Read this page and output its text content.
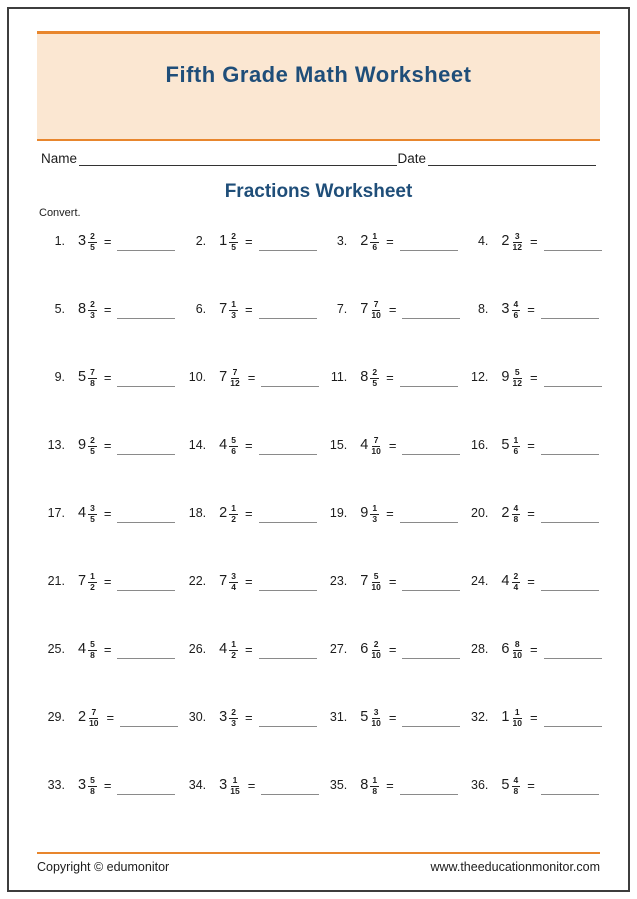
Fifth Grade Math Worksheet
Name	Date
Fractions Worksheet
Convert.
1. $3 \frac{2}{5}$ =	2. $1 \frac{2}{5}$ =	3. $2 \frac{1}{6}$ =	4. $2 \frac{3}{12}$ =
5. $8 \frac{2}{3}$ =	6. $7 \frac{1}{3}$ =	7. $7 \frac{7}{10}$ =	8. $3 \frac{4}{6}$ =
9. $5 \frac{7}{8}$ =	10. $7 \frac{7}{12}$ =	11. $8 \frac{2}{5}$ =	12. $9 \frac{5}{12}$ =
13. $9 \frac{2}{5}$ =	14. $4 \frac{5}{6}$ =	15. $4 \frac{7}{10}$ =	16. $5 \frac{1}{6}$ =
17. $4 \frac{3}{5}$ =	18. $2 \frac{1}{2}$ =	19. $9 \frac{1}{3}$ =	20. $2 \frac{4}{8}$ =
21. $7 \frac{1}{2}$ =	22. $7 \frac{3}{4}$ =	23. $7 \frac{5}{10}$ =	24. $4 \frac{2}{4}$ =
25. $4 \frac{5}{8}$ =	26. $4 \frac{1}{2}$ =	27. $6 \frac{2}{10}$ =	28. $6 \frac{8}{10}$ =
29. $2 \frac{7}{10}$ =	30. $3 \frac{2}{3}$ =	31. $5 \frac{3}{10}$ =	32. $1 \frac{1}{10}$ =
33. $3 \frac{5}{8}$ =	34. $3 \frac{1}{15}$ =	35. $8 \frac{1}{8}$ =	36. $5 \frac{4}{8}$ =
Copyright © edumonitor	www.theeducationmonitor.com
